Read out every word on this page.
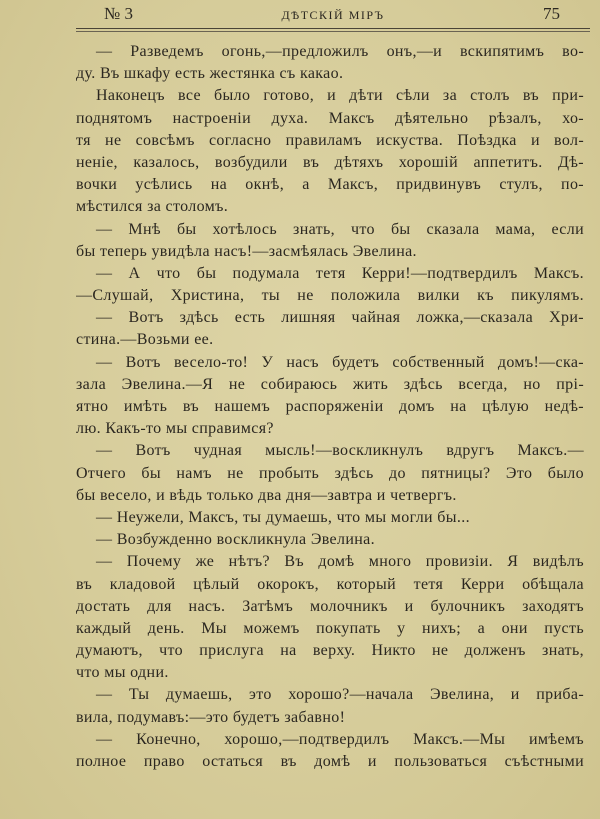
№ 3	ДѢТСКIЙ МIРЪ	75
— Разведемъ огонь,—предложилъ онъ,—и вскипятимъ во-
ду. Въ шкафу есть жестянка съ какао.
Наконецъ все было готово, и дѣти сѣли за столъ въ при-
поднятомъ настроенiи духа. Максъ дѣятельно рѣзалъ, хо-
тя не совсѣмъ согласно правиламъ искуства. Поѣздка и вол-
ненiе, казалось, возбудили въ дѣтяхъ хорошiй аппетитъ. Дѣ-
вочки усѣлись на окнѣ, а Максъ, придвинувъ стулъ, по-
мѣстился за столомъ.
— Мнѣ бы хотѣлось знать, что бы сказала мама, если
бы теперь увидѣла насъ!—засмѣялась Эвелина.
— А что бы подумала тетя Керри!—подтвердилъ Максъ.
—Слушай, Христина, ты не положила вилки къ пикулямъ.
— Вотъ здѣсь есть лишняя чайная ложка,—сказала Хри-
стина.—Возьми ее.
— Вотъ весело-то! У насъ будетъ собственный домъ!—ска-
зала Эвелина.—Я не собираюсь жить здѣсь всегда, но прi-
ятно имѣть въ нашемъ распоряженiи домъ на цѣлую недѣ-
лю. Какъ-то мы справимся?
— Вотъ чудная мысль!—воскликнулъ вдругъ Максъ.—
Отчего бы намъ не пробыть здѣсь до пятницы? Это было
бы весело, и вѣдь только два дня—завтра и четвергъ.
— Неужели, Максъ, ты думаешь, что мы могли бы...
— Возбужденно воскликнула Эвелина.
— Почему же нѣтъ? Въ домѣ много провизiи. Я видѣлъ
въ кладовой цѣлый окорокъ, который тетя Керри обѣщала
достать для насъ. Затѣмъ молочникъ и булочникъ заходятъ
каждый день. Мы можемъ покупать у нихъ; а они пусть
думаютъ, что прислуга на верху. Никто не долженъ знать,
что мы одни.
— Ты думаешь, это хорошо?—начала Эвелина, и приба-
вила, подумавъ:—это будетъ забавно!
— Конечно, хорошо,—подтвердилъ Максъ.—Мы имѣемъ
полное право остаться въ домѣ и пользоваться съѣстными
